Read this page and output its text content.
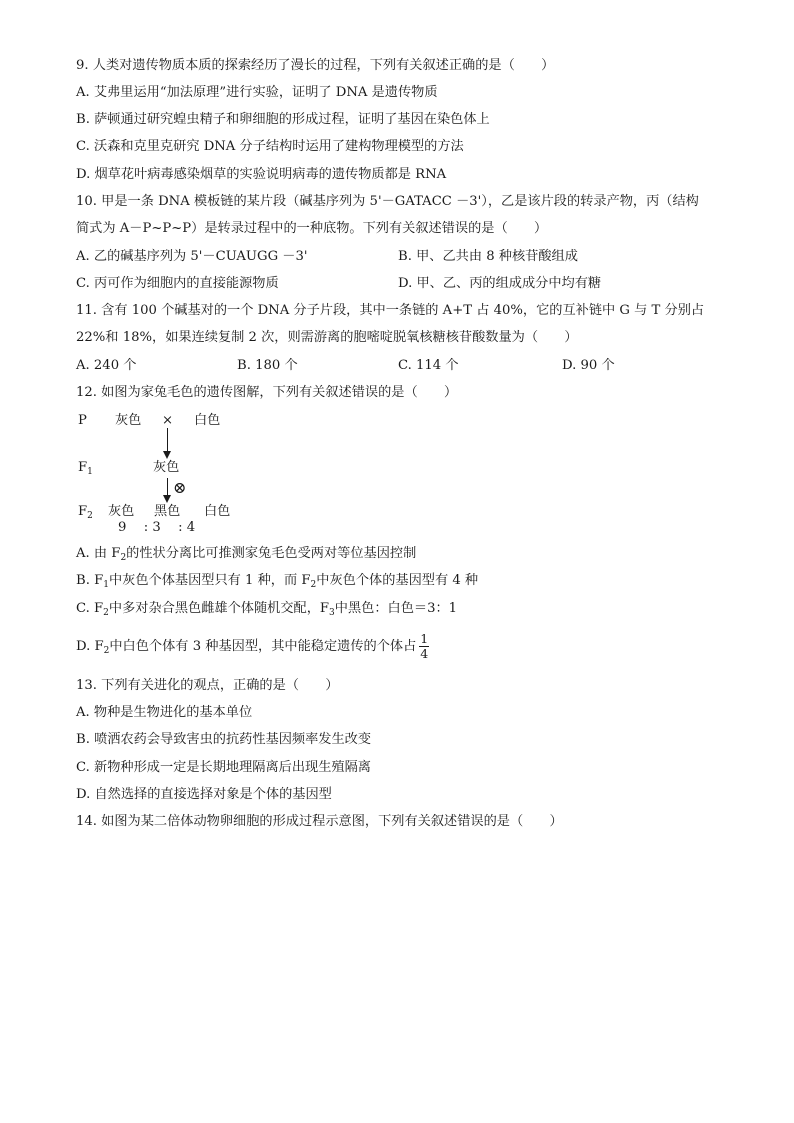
9. 人类对遗传物质本质的探索经历了漫长的过程，下列有关叙述正确的是（　　）
A. 艾弗里运用“加法原理”进行实验，证明了 DNA 是遗传物质
B. 萨顿通过研究蝗虫精子和卵细胞的形成过程，证明了基因在染色体上
C. 沃森和克里克研究 DNA 分子结构时运用了建构物理模型的方法
D. 烟草花叶病毒感染烟草的实验说明病毒的遗传物质都是 RNA
10. 甲是一条 DNA 模板链的某片段（碱基序列为 5'－GATACC －3'），乙是该片段的转录产物，丙（结构
简式为 A－P~P~P）是转录过程中的一种底物。下列有关叙述错误的是（　　）
A. 乙的碱基序列为 5'－CUAUGG －3'	B. 甲、乙共由 8 种核苷酸组成
C. 丙可作为细胞内的直接能源物质	D. 甲、乙、丙的组成成分中均有糖
11. 含有 100 个碱基对的一个 DNA 分子片段，其中一条链的 A+T 占 40%，它的互补链中 G 与 T 分别占
22%和 18%，如果连续复制 2 次，则需游离的胞嘧啶脱氧核糖核苷酸数量为（　　）
A. 240 个	B. 180 个	C. 114 个	D. 90 个
12. 如图为家兔毛色的遗传图解，下列有关叙述错误的是（　　）
P 灰色 × 白色
$F_1$	灰色
⊗
$F_2$ 灰色 黑色 白色
9　 : 3　 : 4
A. 由 $F_2$的性状分离比可推测家兔毛色受两对等位基因控制
B. $F_1$中灰色个体基因型只有 1 种，而 $F_2$中灰色个体的基因型有 4 种
C. $F_2$中多对杂合黑色雌雄个体随机交配，$F_3$中黑色：白色＝3：1
D. $F_2$中白色个体有 3 种基因型，其中能稳定遗传的个体占 $\frac{1}{4}$
13. 下列有关进化的观点，正确的是（　　）
A. 物种是生物进化的基本单位
B. 喷洒农药会导致害虫的抗药性基因频率发生改变
C. 新物种形成一定是长期地理隔离后出现生殖隔离
D. 自然选择的直接选择对象是个体的基因型
14. 如图为某二倍体动物卵细胞的形成过程示意图，下列有关叙述错误的是（　　）
